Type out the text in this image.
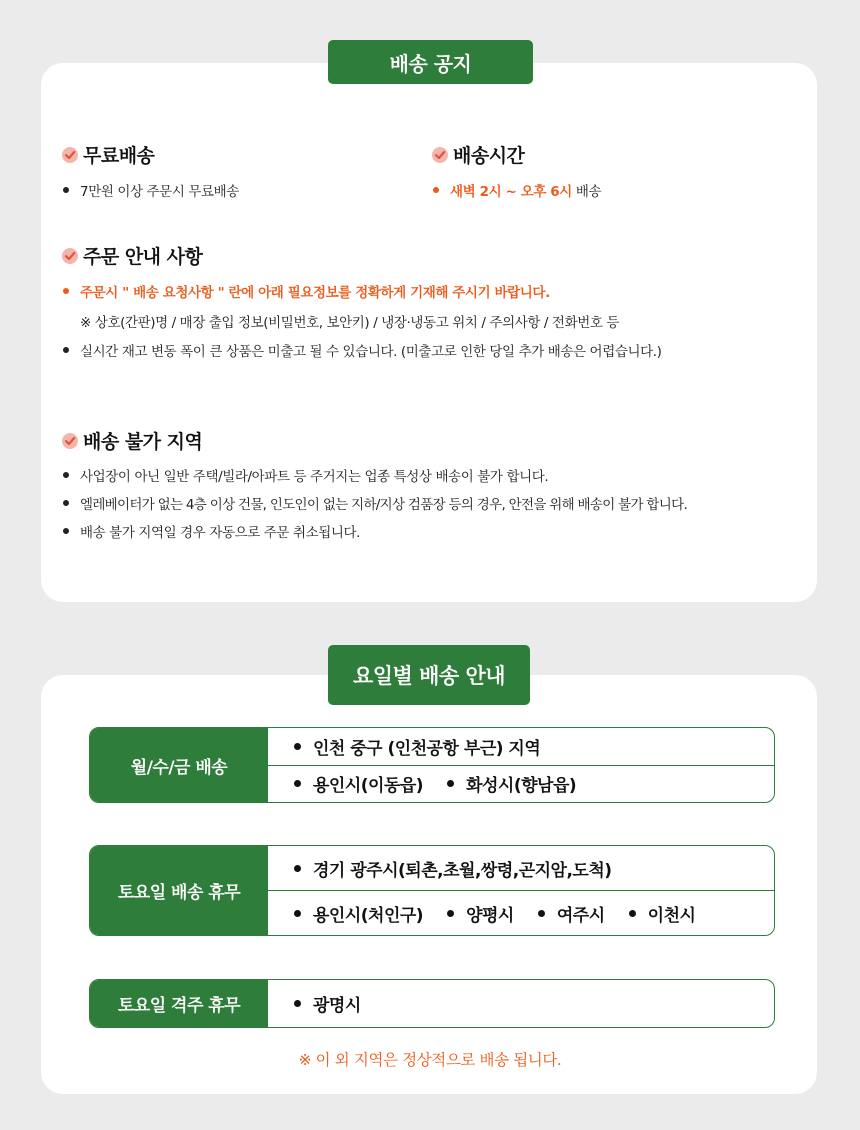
배송 공지
무료배송
7만원 이상 주문시 무료배송
배송시간
새벽 2시 ~ 오후 6시 배송
주문 안내 사항
주문시 " 배송 요청사항 " 란에 아래 필요정보를 정확하게 기재해 주시기 바랍니다.
※ 상호(간판)명 / 매장 출입 정보(비밀번호, 보안키) / 냉장·냉동고 위치 / 주의사항 / 전화번호 등
실시간 재고 변동 폭이 큰 상품은 미출고 될 수 있습니다. (미출고로 인한 당일 추가 배송은 어렵습니다.)
배송 불가 지역
사업장이 아닌 일반 주택/빌라/아파트 등 주거지는 업종 특성상 배송이 불가 합니다.
엘레베이터가 없는 4층 이상 건물, 인도인이 없는 지하/지상 검품장 등의 경우, 안전을 위해 배송이 불가 합니다.
배송 불가 지역일 경우 자동으로 주문 취소됩니다.
요일별 배송 안내
월/수/금 배송
인천 중구 (인천공항 부근) 지역
용인시(이동읍)	화성시(향남읍)
토요일 배송 휴무
경기 광주시(퇴촌,초월,쌍령,곤지암,도척)
용인시(처인구)	양평시	여주시	이천시
토요일 격주 휴무	광명시
※ 이 외 지역은 정상적으로 배송 됩니다.
